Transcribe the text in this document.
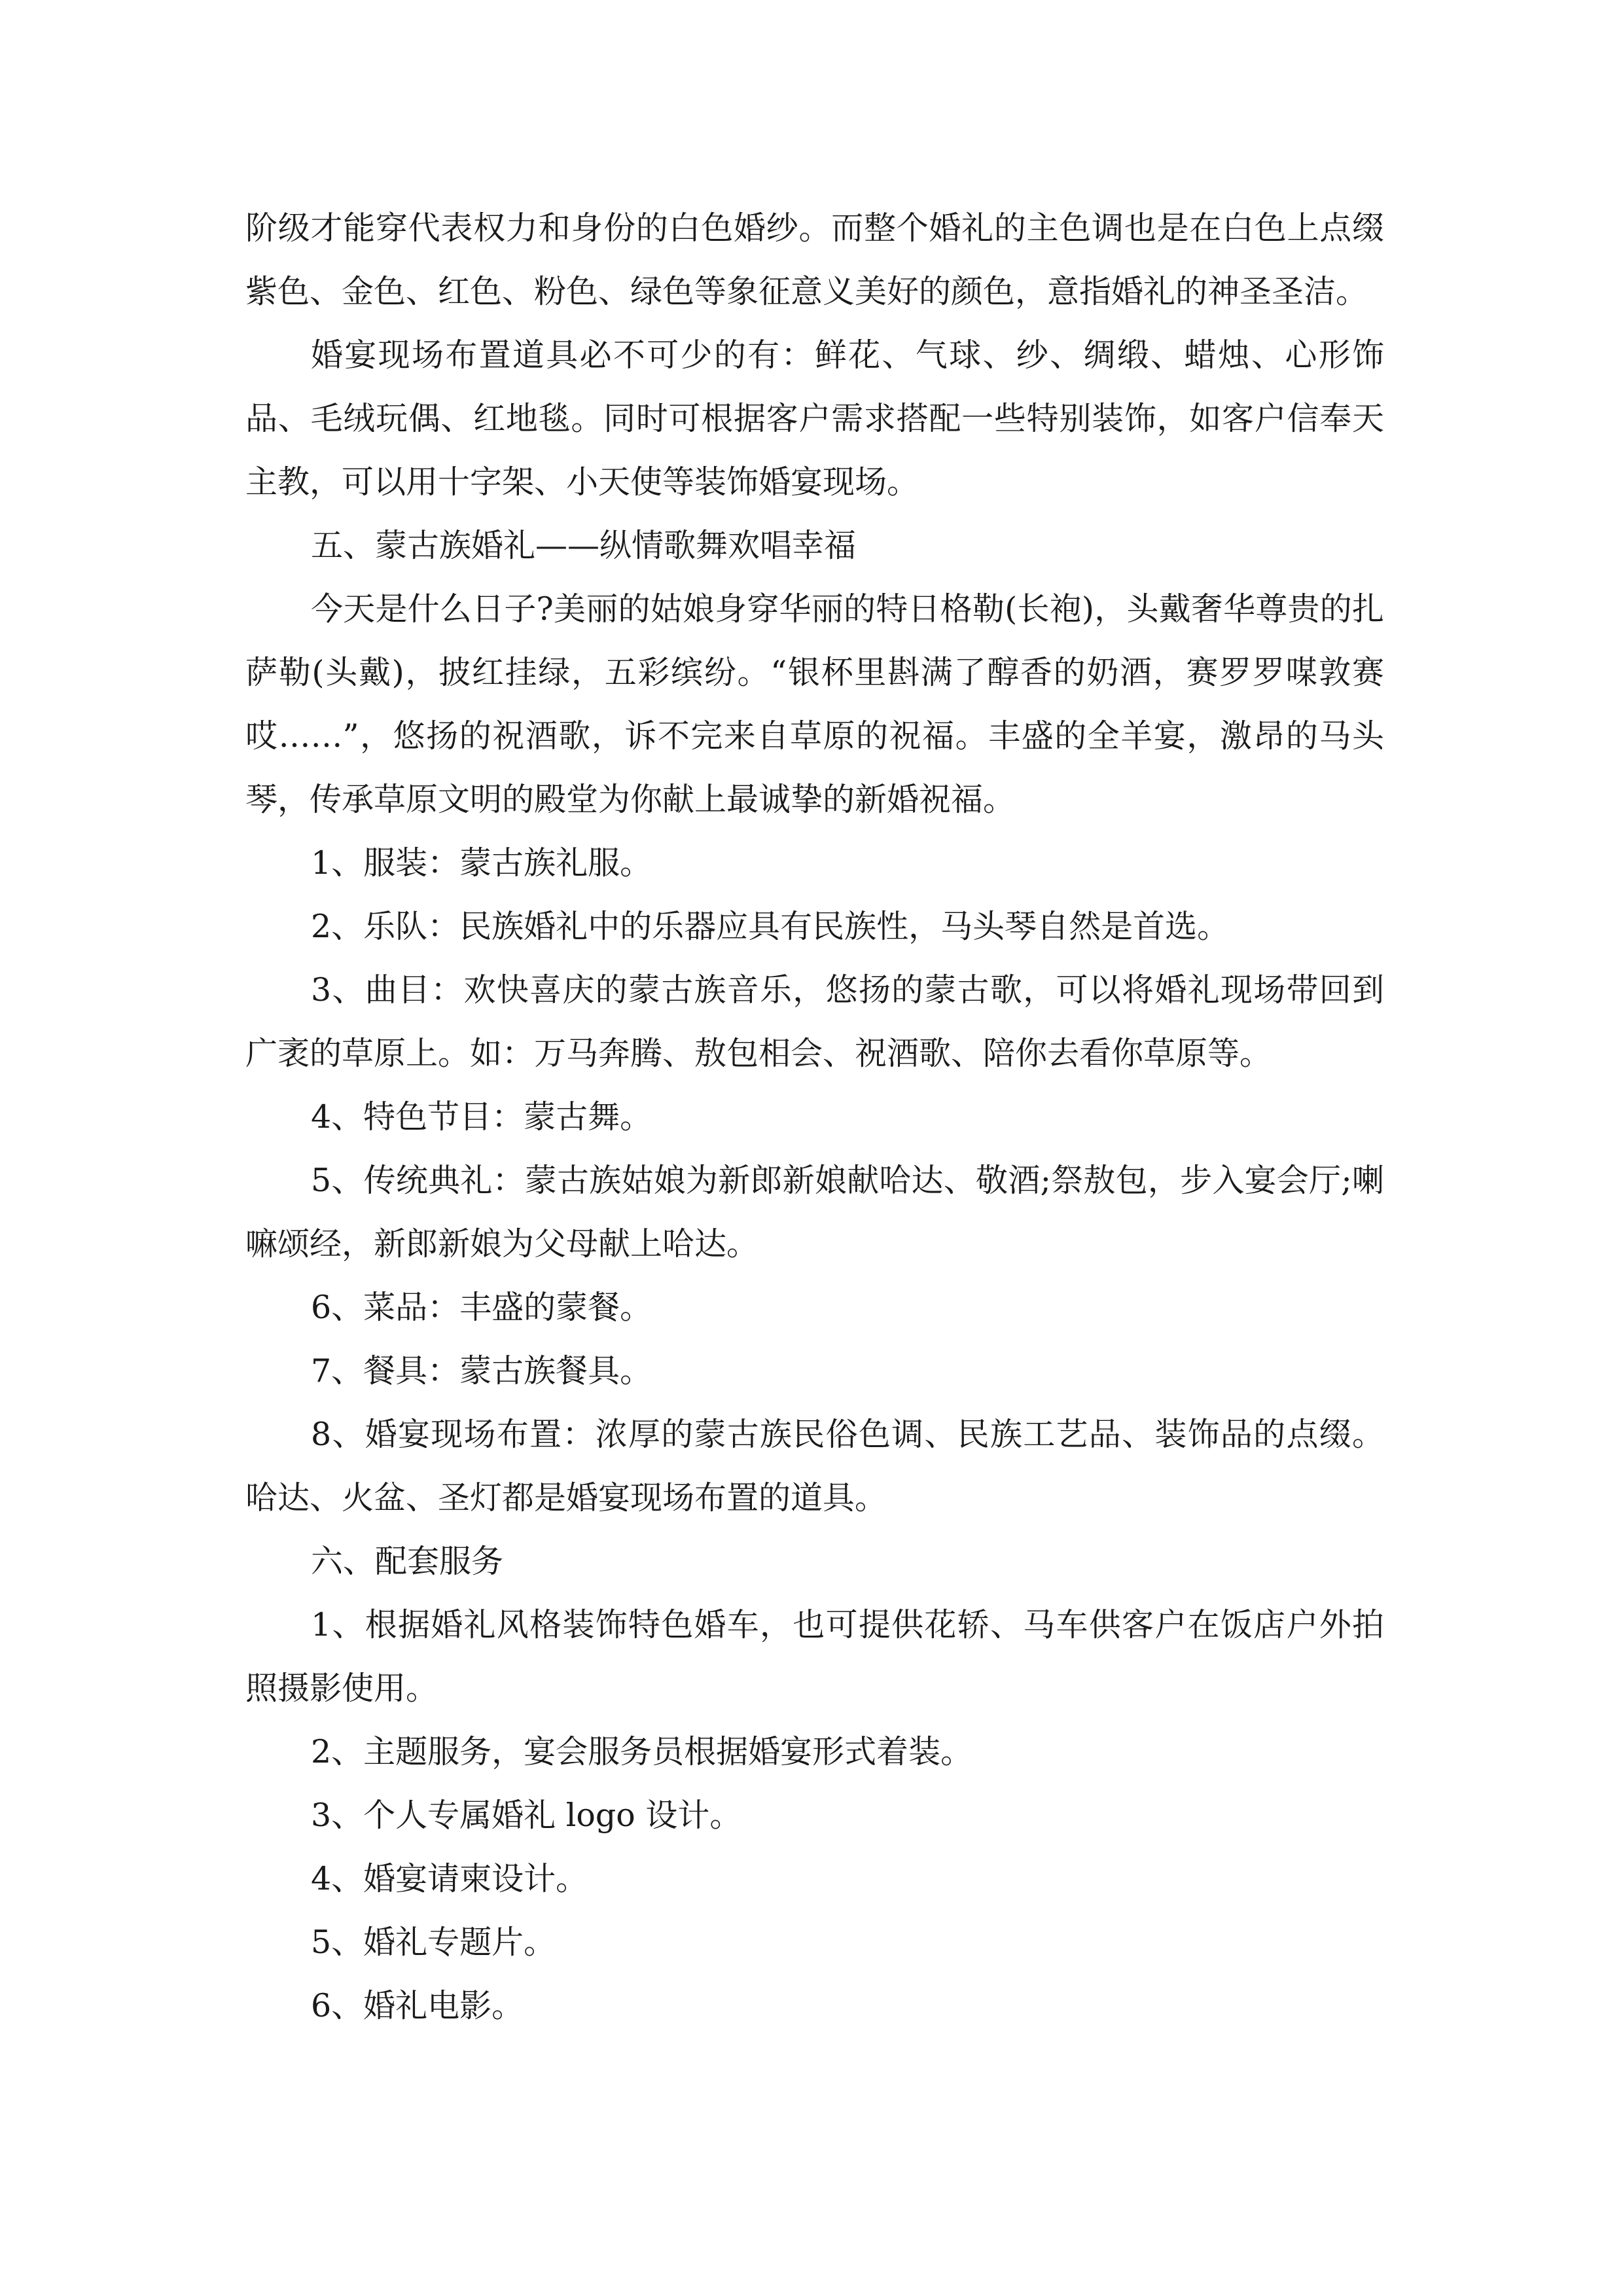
阶级才能穿代表权力和身份的白色婚纱。而整个婚礼的主色调也是在白色上点缀紫色、金色、红色、粉色、绿色等象征意义美好的颜色，意指婚礼的神圣圣洁。

婚宴现场布置道具必不可少的有：鲜花、气球、纱、绸缎、蜡烛、心形饰品、毛绒玩偶、红地毯。同时可根据客户需求搭配一些特别装饰，如客户信奉天主教，可以用十字架、小天使等装饰婚宴现场。

五、蒙古族婚礼——纵情歌舞欢唱幸福

今天是什么日子?美丽的姑娘身穿华丽的特日格勒(长袍)，头戴奢华尊贵的扎萨勒(头戴)，披红挂绿，五彩缤纷。“银杯里斟满了醇香的奶酒，赛罗罗㖼敦赛哎……”，悠扬的祝酒歌，诉不完来自草原的祝福。丰盛的全羊宴，激昂的马头琴，传承草原文明的殿堂为你献上最诚挚的新婚祝福。

1、服装：蒙古族礼服。

2、乐队：民族婚礼中的乐器应具有民族性，马头琴自然是首选。

3、曲目：欢快喜庆的蒙古族音乐，悠扬的蒙古歌，可以将婚礼现场带回到广袤的草原上。如：万马奔腾、敖包相会、祝酒歌、陪你去看你草原等。

4、特色节目：蒙古舞。

5、传统典礼：蒙古族姑娘为新郎新娘献哈达、敬酒;祭敖包，步入宴会厅;喇嘛颂经，新郎新娘为父母献上哈达。

6、菜品：丰盛的蒙餐。

7、餐具：蒙古族餐具。

8、婚宴现场布置：浓厚的蒙古族民俗色调、民族工艺品、装饰品的点缀。哈达、火盆、圣灯都是婚宴现场布置的道具。

六、配套服务

1、根据婚礼风格装饰特色婚车，也可提供花轿、马车供客户在饭店户外拍照摄影使用。

2、主题服务，宴会服务员根据婚宴形式着装。

3、个人专属婚礼 logo 设计。

4、婚宴请柬设计。

5、婚礼专题片。

6、婚礼电影。
